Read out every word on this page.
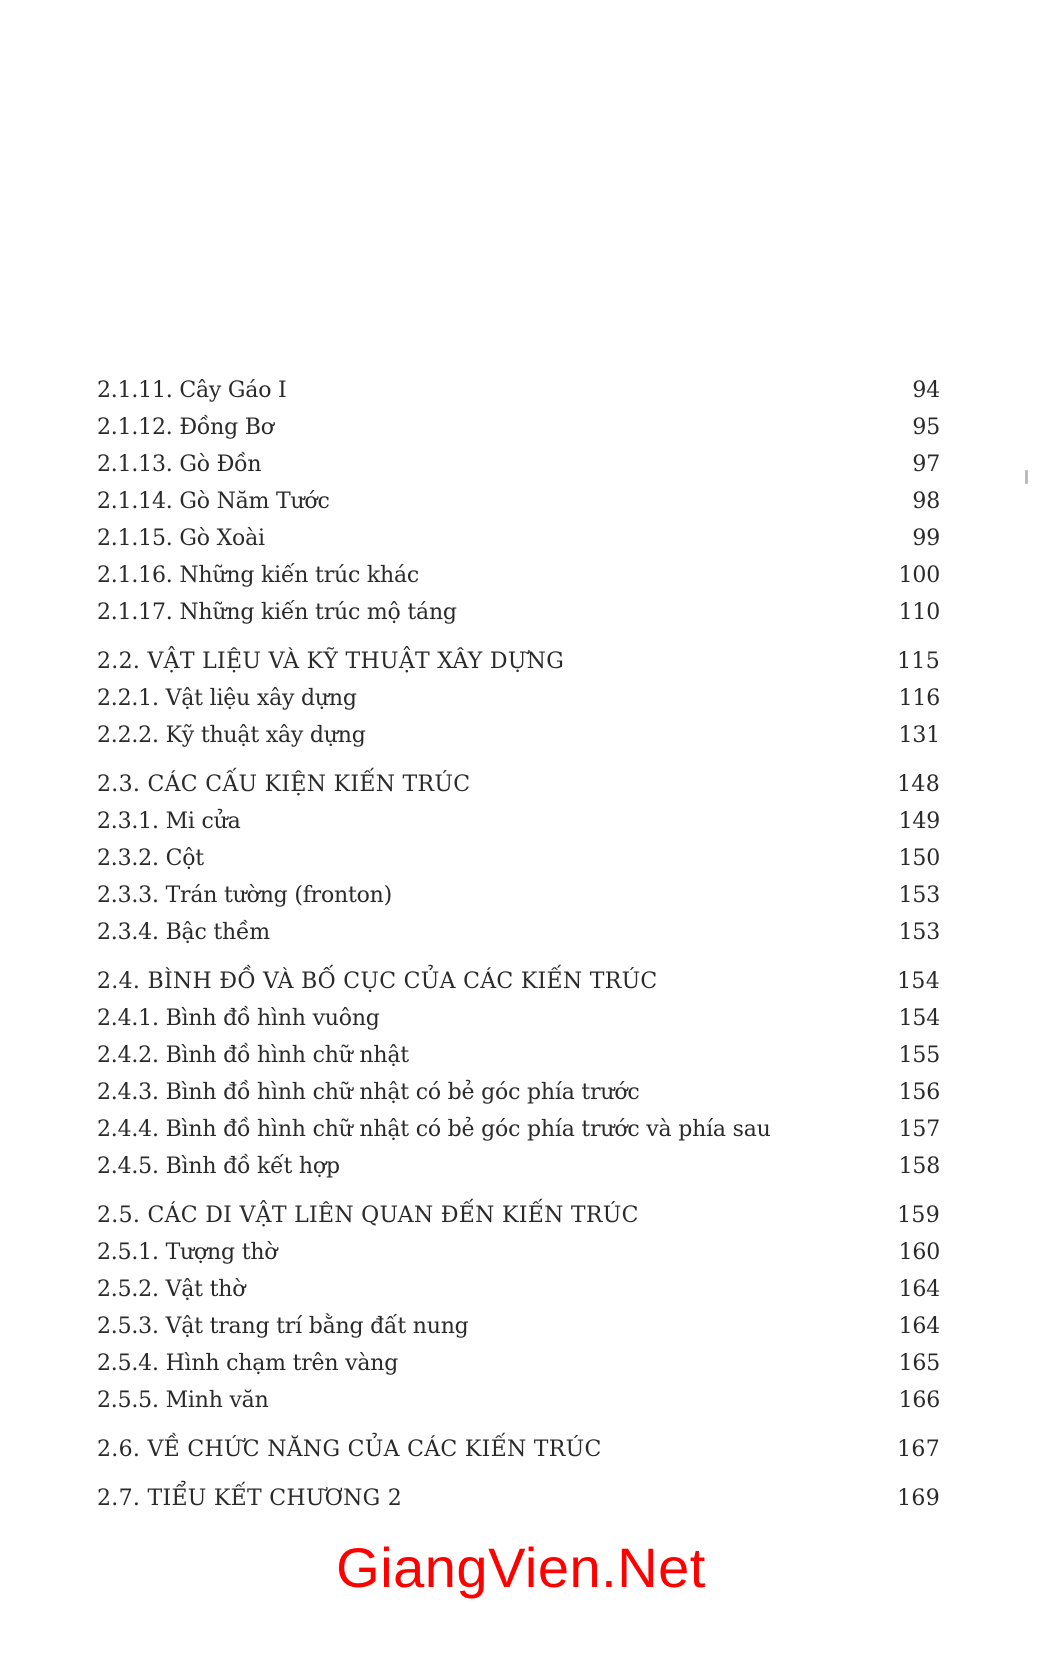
2.1.11. Cây Gáo I	94
2.1.12. Đồng Bơ	95
2.1.13. Gò Đồn	97
2.1.14. Gò Năm Tước	98
2.1.15. Gò Xoài	99
2.1.16. Những kiến trúc khác	100
2.1.17. Những kiến trúc mộ táng	110
2.2. VẬT LIỆU VÀ KỸ THUẬT XÂY DỰNG	115
2.2.1. Vật liệu xây dựng	116
2.2.2. Kỹ thuật xây dựng	131
2.3. CÁC CẤU KIỆN KIẾN TRÚC	148
2.3.1. Mi cửa	149
2.3.2. Cột	150
2.3.3. Trán tường (fronton)	153
2.3.4. Bậc thềm	153
2.4. BÌNH ĐỒ VÀ BỐ CỤC CỦA CÁC KIẾN TRÚC	154
2.4.1. Bình đồ hình vuông	154
2.4.2. Bình đồ hình chữ nhật	155
2.4.3. Bình đồ hình chữ nhật có bẻ góc phía trước	156
2.4.4. Bình đồ hình chữ nhật có bẻ góc phía trước và phía sau	157
2.4.5. Bình đồ kết hợp	158
2.5. CÁC DI VẬT LIÊN QUAN ĐẾN KIẾN TRÚC	159
2.5.1. Tượng thờ	160
2.5.2. Vật thờ	164
2.5.3. Vật trang trí bằng đất nung	164
2.5.4. Hình chạm trên vàng	165
2.5.5. Minh văn	166
2.6. VỀ CHỨC NĂNG CỦA CÁC KIẾN TRÚC	167
2.7. TIỂU KẾT CHƯƠNG 2	169
GiangVien.Net
